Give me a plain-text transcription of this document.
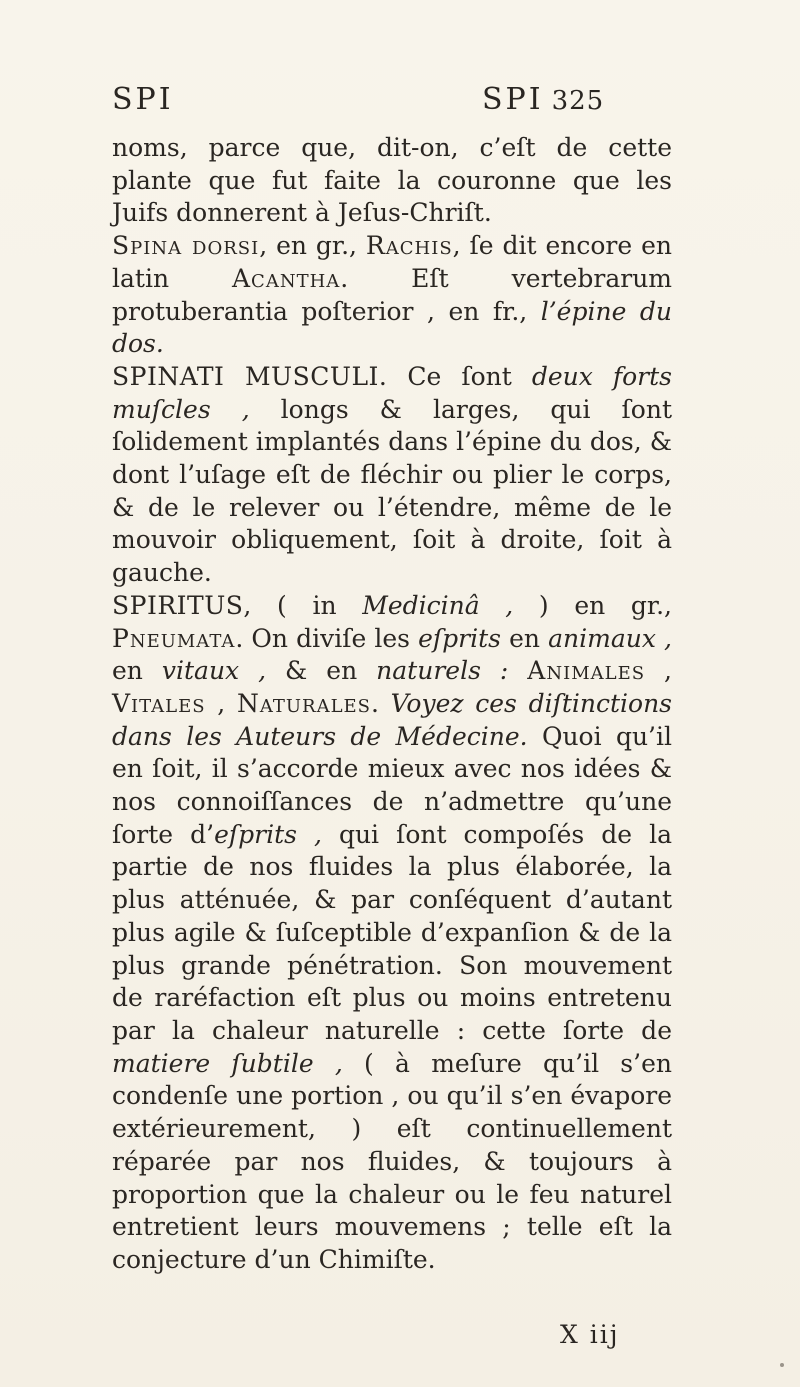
SPI	SPI 325

noms, parce que, dit-on, c’eſt de cette plante que fut faite la couronne que les Juifs donnerent à Jeſus-Chriſt.

Spina dorsi, en gr., Rachis, ſe dit encore en latin Acantha. Eſt vertebrarum protuberantia poſterior , en fr., l’épine du dos.

SPINATI MUSCULI. Ce ſont deux forts muſcles , longs & larges, qui ſont ſolidement implantés dans l’épine du dos, & dont l’uſage eſt de fléchir ou plier le corps, & de le relever ou l’étendre, même de le mouvoir obliquement, ſoit à droite, ſoit à gauche.

SPIRITUS, ( in Medicinâ , ) en gr., Pneumata. On diviſe les eſprits en animaux , en vitaux , & en naturels : Animales , Vitales , Naturales. Voyez ces diſtinctions dans les Auteurs de Médecine. Quoi qu’il en ſoit, il s’accorde mieux avec nos idées & nos connoiſſances de n’admettre qu’une ſorte d’eſprits , qui ſont compoſés de la partie de nos fluides la plus élaborée, la plus atténuée, & par conſéquent d’autant plus agile & ſuſceptible d’expanſion & de la plus grande pénétration. Son mouvement de raréfaction eſt plus ou moins entretenu par la chaleur naturelle : cette ſorte de matiere ſubtile , ( à meſure qu’il s’en condenſe une portion , ou qu’il s’en évapore extérieurement, ) eſt continuellement réparée par nos fluides, & toujours à proportion que la chaleur ou le feu naturel entretient leurs mouvemens ; telle eſt la conjecture d’un Chimiſte.

X iij
